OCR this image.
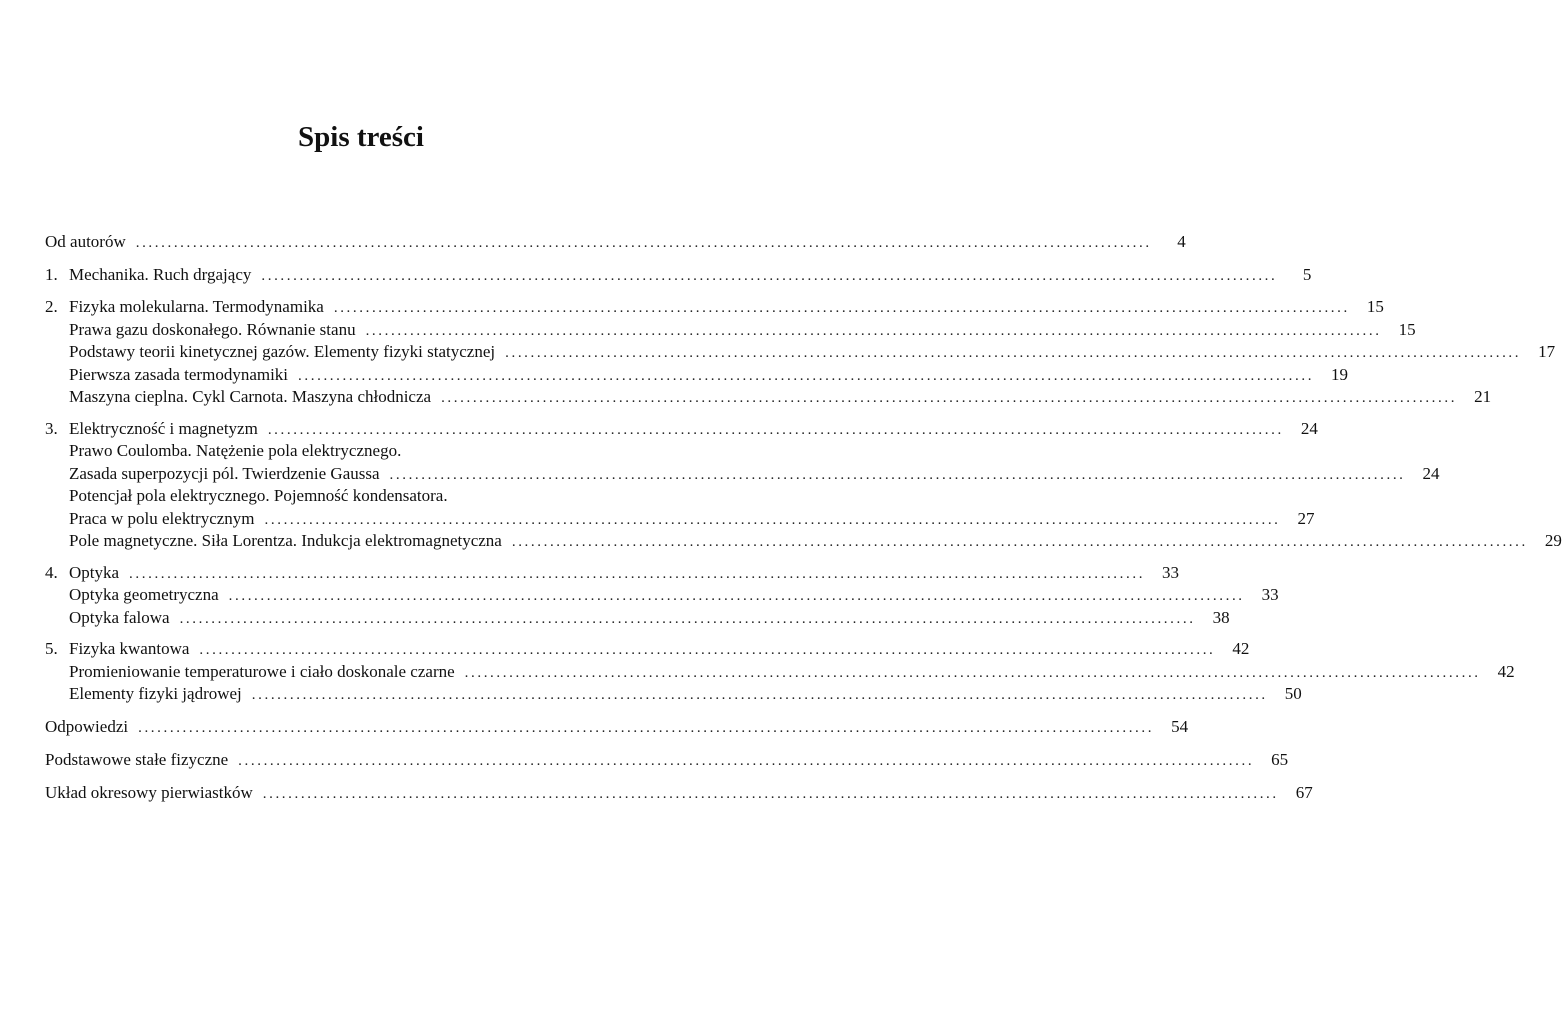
Spis treści
Od autorów ................................................................................................................................................................	4
1. Mechanika. Ruch drgający ................................................................................................................................................................	5
2. Fizyka molekularna. Termodynamika ................................................................................................................................................................	15
Prawa gazu doskonałego. Równanie stanu ................................................................................................................................................................	15
Podstawy teorii kinetycznej gazów. Elementy fizyki statycznej ................................................................................................................................................................	17
Pierwsza zasada termodynamiki ................................................................................................................................................................	19
Maszyna cieplna. Cykl Carnota. Maszyna chłodnicza ................................................................................................................................................................	21
3. Elektryczność i magnetyzm ................................................................................................................................................................	24
Prawo Coulomba. Natężenie pola elektrycznego.
Zasada superpozycji pól. Twierdzenie Gaussa ................................................................................................................................................................	24
Potencjał pola elektrycznego. Pojemność kondensatora.
Praca w polu elektrycznym ................................................................................................................................................................	27
Pole magnetyczne. Siła Lorentza. Indukcja elektromagnetyczna ................................................................................................................................................................	29
4. Optyka ................................................................................................................................................................	33
Optyka geometryczna ................................................................................................................................................................	33
Optyka falowa ................................................................................................................................................................	38
5. Fizyka kwantowa ................................................................................................................................................................	42
Promieniowanie temperaturowe i ciało doskonale czarne ................................................................................................................................................................	42
Elementy fizyki jądrowej ................................................................................................................................................................	50
Odpowiedzi ................................................................................................................................................................	54
Podstawowe stałe fizyczne ................................................................................................................................................................	65
Układ okresowy pierwiastków ................................................................................................................................................................	67
